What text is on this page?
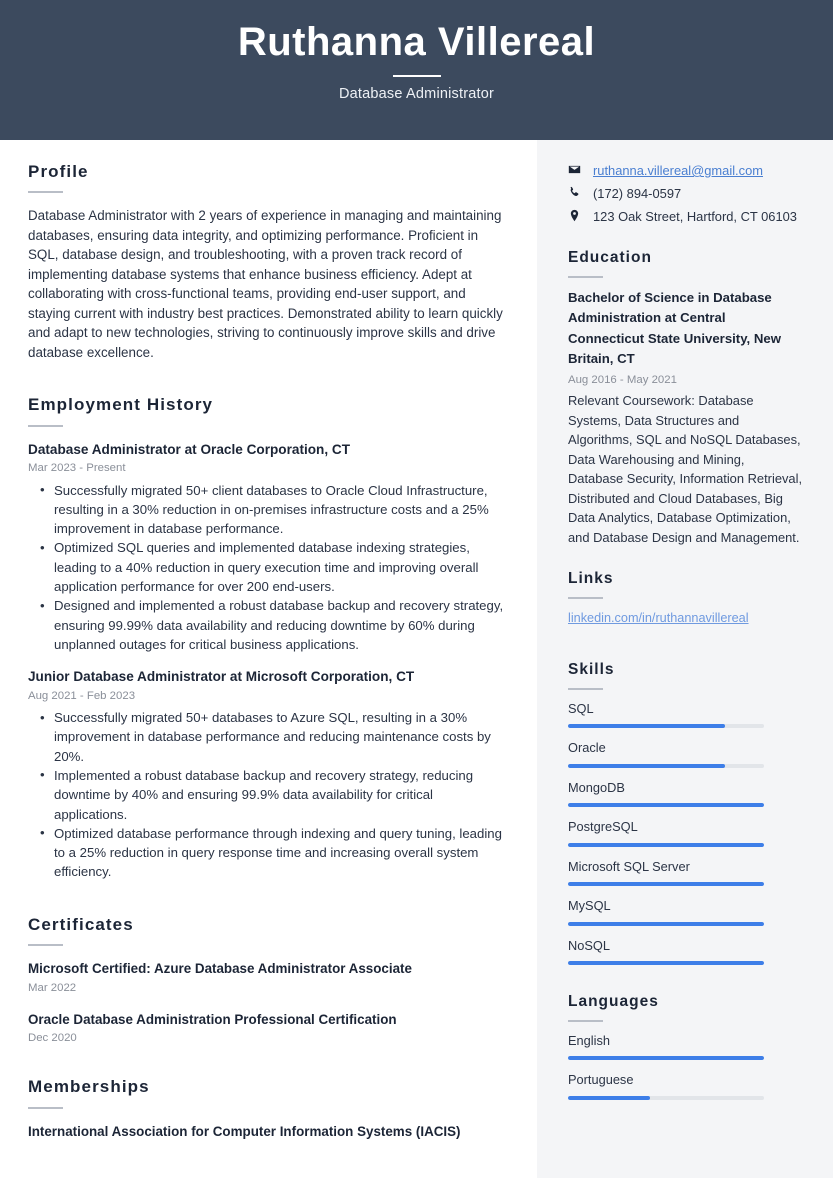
Ruthanna Villereal
Database Administrator
Profile
Database Administrator with 2 years of experience in managing and maintaining databases, ensuring data integrity, and optimizing performance. Proficient in SQL, database design, and troubleshooting, with a proven track record of implementing database systems that enhance business efficiency. Adept at collaborating with cross-functional teams, providing end-user support, and staying current with industry best practices. Demonstrated ability to learn quickly and adapt to new technologies, striving to continuously improve skills and drive database excellence.
Employment History
Database Administrator at Oracle Corporation, CT
Mar 2023 - Present
• Successfully migrated 50+ client databases to Oracle Cloud Infrastructure, resulting in a 30% reduction in on-premises infrastructure costs and a 25% improvement in database performance.
• Optimized SQL queries and implemented database indexing strategies, leading to a 40% reduction in query execution time and improving overall application performance for over 200 end-users.
• Designed and implemented a robust database backup and recovery strategy, ensuring 99.99% data availability and reducing downtime by 60% during unplanned outages for critical business applications.
Junior Database Administrator at Microsoft Corporation, CT
Aug 2021 - Feb 2023
• Successfully migrated 50+ databases to Azure SQL, resulting in a 30% improvement in database performance and reducing maintenance costs by 20%.
• Implemented a robust database backup and recovery strategy, reducing downtime by 40% and ensuring 99.9% data availability for critical applications.
• Optimized database performance through indexing and query tuning, leading to a 25% reduction in query response time and increasing overall system efficiency.
Certificates
Microsoft Certified: Azure Database Administrator Associate
Mar 2022
Oracle Database Administration Professional Certification
Dec 2020
Memberships
International Association for Computer Information Systems (IACIS)
ruthanna.villereal@gmail.com
(172) 894-0597
123 Oak Street, Hartford, CT 06103
Education
Bachelor of Science in Database Administration at Central Connecticut State University, New Britain, CT
Aug 2016 - May 2021
Relevant Coursework: Database Systems, Data Structures and Algorithms, SQL and NoSQL Databases, Data Warehousing and Mining, Database Security, Information Retrieval, Distributed and Cloud Databases, Big Data Analytics, Database Optimization, and Database Design and Management.
Links
linkedin.com/in/ruthannavillereal
Skills
SQL
Oracle
MongoDB
PostgreSQL
Microsoft SQL Server
MySQL
NoSQL
Languages
English
Portuguese
